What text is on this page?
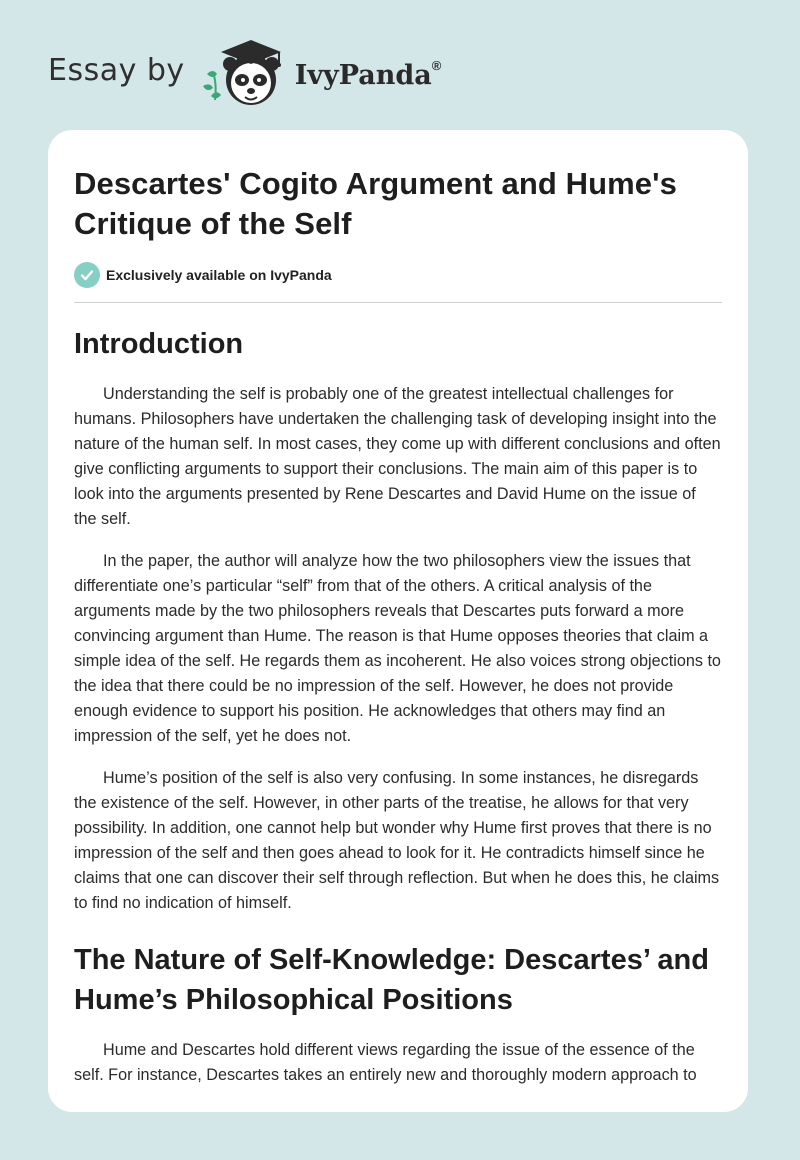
Essay by	IvyPanda®
Descartes' Cogito Argument and Hume's Critique of the Self
Exclusively available on IvyPanda
Introduction

Understanding the self is probably one of the greatest intellectual challenges for humans. Philosophers have undertaken the challenging task of developing insight into the nature of the human self. In most cases, they come up with different conclusions and often give conflicting arguments to support their conclusions. The main aim of this paper is to look into the arguments presented by Rene Descartes and David Hume on the issue of the self.

In the paper, the author will analyze how the two philosophers view the issues that differentiate one’s particular “self” from that of the others. A critical analysis of the arguments made by the two philosophers reveals that Descartes puts forward a more convincing argument than Hume. The reason is that Hume opposes theories that claim a simple idea of the self. He regards them as incoherent. He also voices strong objections to the idea that there could be no impression of the self. However, he does not provide enough evidence to support his position. He acknowledges that others may find an impression of the self, yet he does not.

Hume’s position of the self is also very confusing. In some instances, he disregards the existence of the self. However, in other parts of the treatise, he allows for that very possibility. In addition, one cannot help but wonder why Hume first proves that there is no impression of the self and then goes ahead to look for it. He contradicts himself since he claims that one can discover their self through reflection. But when he does this, he claims to find no indication of himself.

The Nature of Self-Knowledge: Descartes’ and Hume’s Philosophical Positions

Hume and Descartes hold different views regarding the issue of the essence of the self. For instance, Descartes takes an entirely new and thoroughly modern approach to
